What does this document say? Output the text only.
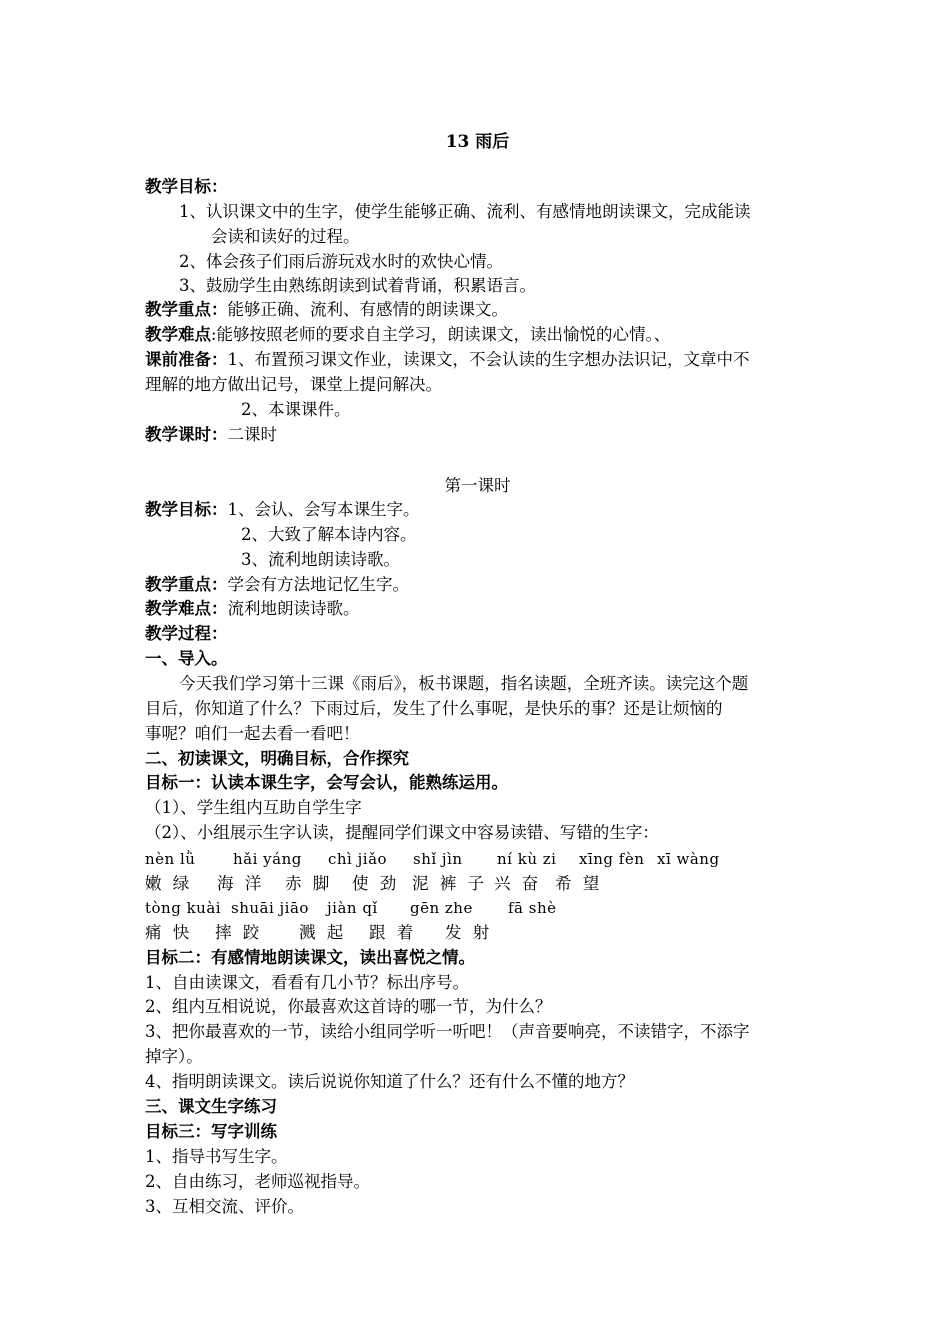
13 雨后
教学目标：
1、认识课文中的生字，使学生能够正确、流利、有感情地朗读课文，完成能读
会读和读好的过程。
2、体会孩子们雨后游玩戏水时的欢快心情。
3、鼓励学生由熟练朗读到试着背诵，积累语言。
教学重点：能够正确、流利、有感情的朗读课文。
教学难点:能够按照老师的要求自主学习，朗读课文，读出愉悦的心情。、
课前准备：1、布置预习课文作业，读课文，不会认读的生字想办法识记，文章中不
理解的地方做出记号，课堂上提问解决。
2、本课课件。
教学课时：二课时
第一课时
教学目标：1、会认、会写本课生字。
2、大致了解本诗内容。
3、流利地朗读诗歌。
教学重点：学会有方法地记忆生字。
教学难点：流利地朗读诗歌。
教学过程：
一、导入。
今天我们学习第十三课《雨后》，板书课题，指名读题，全班齐读。读完这个题
目后，你知道了什么？下雨过后，发生了什么事呢，是快乐的事？还是让烦恼的
事呢？咱们一起去看一看吧！
二、初读课文，明确目标，合作探究
目标一：认读本课生字，会写会认，能熟练运用。
（1）、学生组内互助自学生字
（2）、小组展示生字认读，提醒同学们课文中容易读错、写错的生字：
nèn lǜ	hǎi yáng chì jiǎo shǐ jìn ní kù zi xīng fèn xī wàng
嫩 绿 海 洋 赤 脚 使 劲 泥 裤 子 兴 奋 希 望
tòng kuài shuāi jiāo jiàn qǐ gēn zhe fā shè
痛 快 摔 跤 溅 起 跟 着 发 射
目标二：有感情地朗读课文，读出喜悦之情。
1、自由读课文，看看有几小节？标出序号。
2、组内互相说说，你最喜欢这首诗的哪一节，为什么？
3、把你最喜欢的一节，读给小组同学听一听吧！（声音要响亮，不读错字，不添字
掉字）。
4、指明朗读课文。读后说说你知道了什么？还有什么不懂的地方？
三、课文生字练习
目标三：写字训练
1、指导书写生字。
2、自由练习，老师巡视指导。
3、互相交流、评价。
